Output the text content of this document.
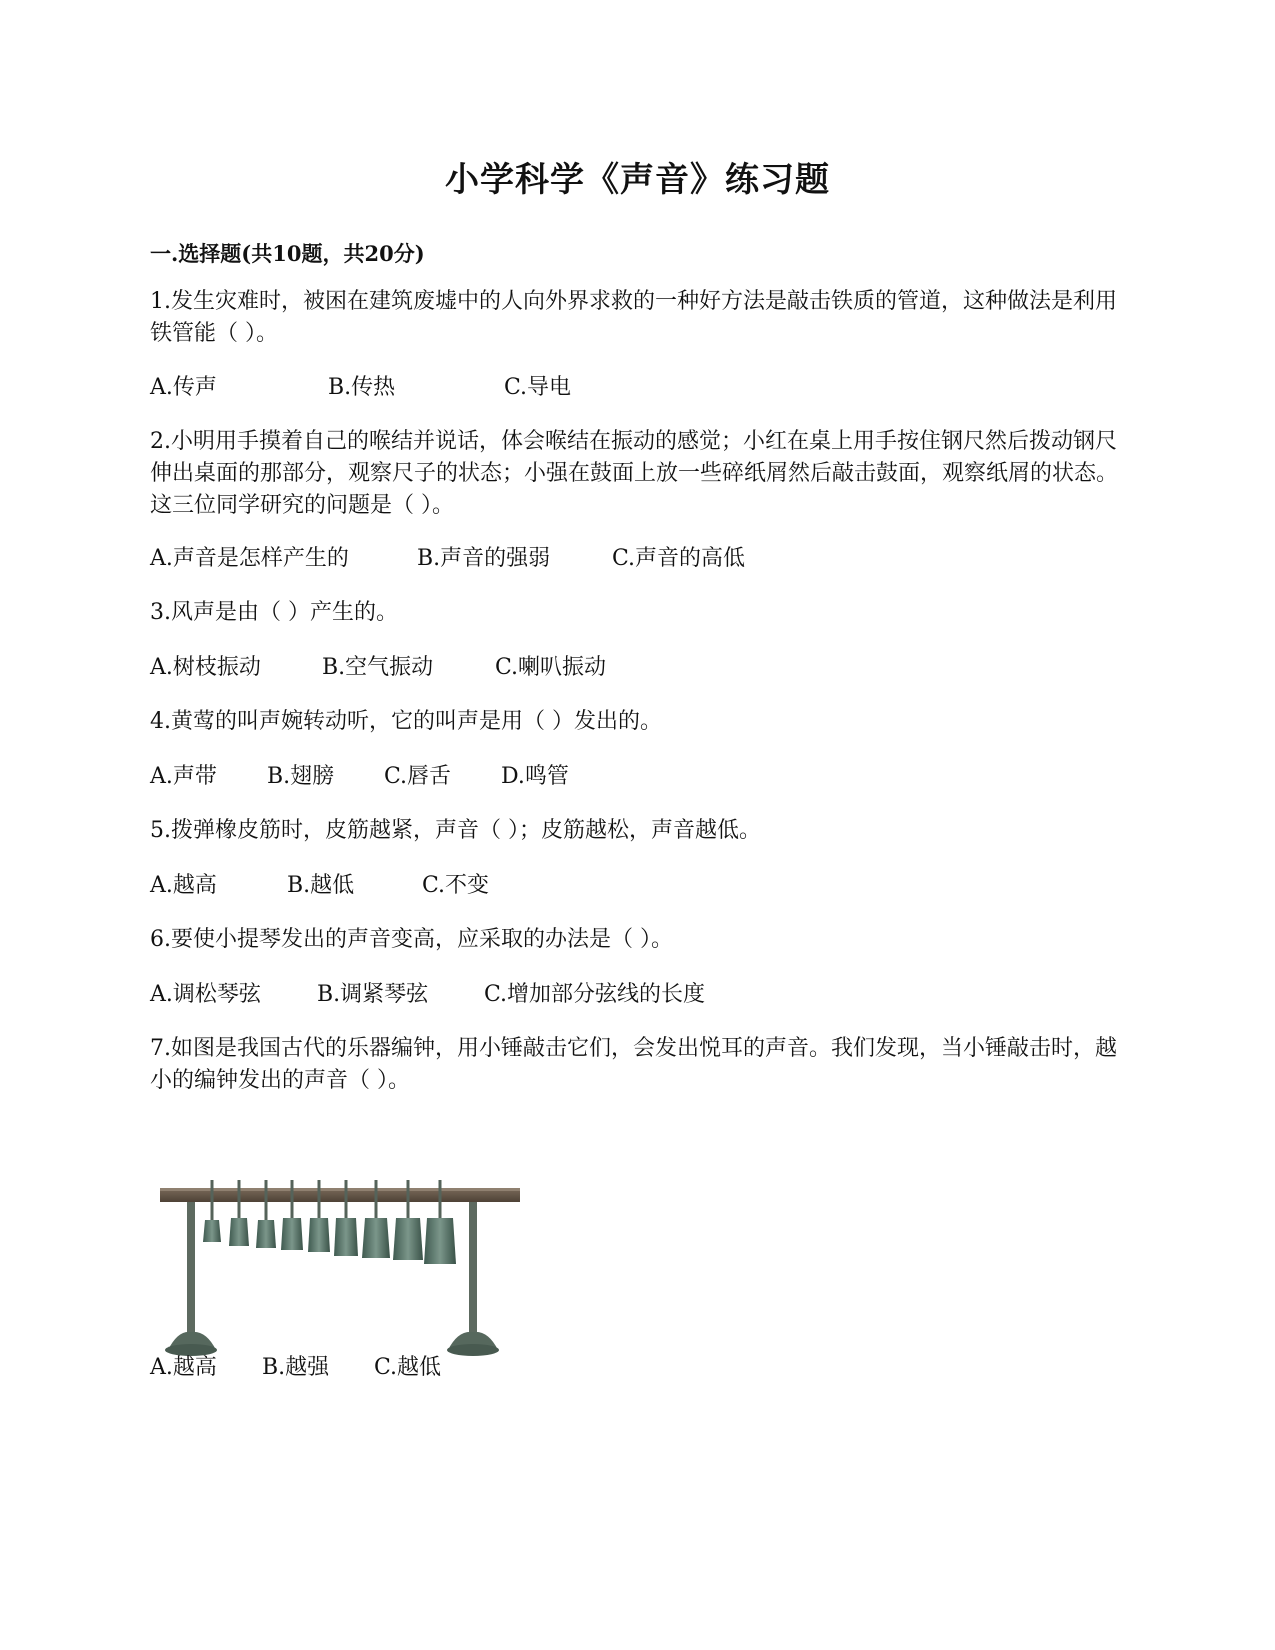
小学科学《声音》练习题
一.选择题(共10题，共20分)
1.发生灾难时，被困在建筑废墟中的人向外界求救的一种好方法是敲击铁质的管道，这种做法是利用铁管能（ ）。
A.传声	B.传热	C.导电
2.小明用手摸着自己的喉结并说话，体会喉结在振动的感觉；小红在桌上用手按住钢尺然后拨动钢尺伸出桌面的那部分，观察尺子的状态；小强在鼓面上放一些碎纸屑然后敲击鼓面，观察纸屑的状态。这三位同学研究的问题是（ ）。
A.声音是怎样产生的	B.声音的强弱	C.声音的高低
3.风声是由（ ）产生的。
A.树枝振动	B.空气振动	C.喇叭振动
4.黄莺的叫声婉转动听，它的叫声是用（ ）发出的。
A.声带 B.翅膀 C.唇舌 D.鸣管
5.拨弹橡皮筋时，皮筋越紧，声音（ ）；皮筋越松，声音越低。
A.越高	B.越低	C.不变
6.要使小提琴发出的声音变高，应采取的办法是（ ）。
A.调松琴弦	B.调紧琴弦	C.增加部分弦线的长度
7.如图是我国古代的乐器编钟，用小锤敲击它们，会发出悦耳的声音。我们发现，当小锤敲击时，越小的编钟发出的声音（ ）。
A.越高 B.越强 C.越低
